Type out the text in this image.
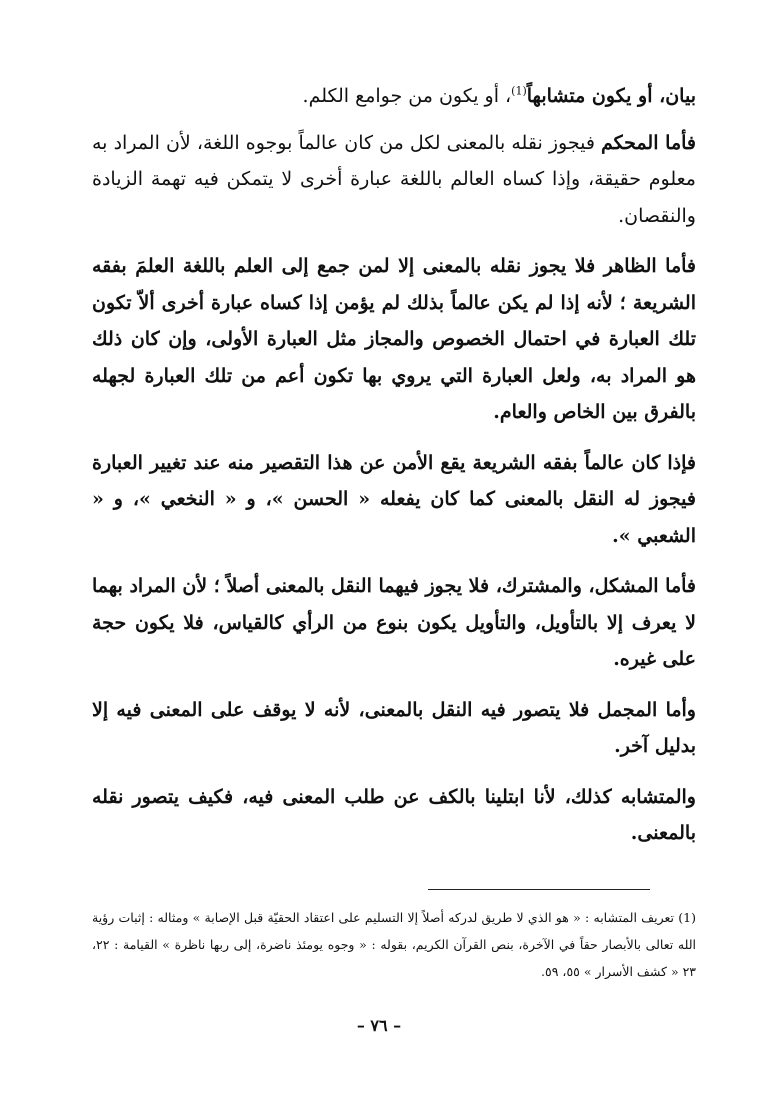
بيان، أو يكون متشابهاً$^{(1)}$، أو يكون من جوامع الكلم.

فأما المحكم فيجوز نقله بالمعنى لكل من كان عالماً بوجوه اللغة، لأن المراد به معلوم حقيقة، وإذا كساه العالم باللغة عبارة أخرى لا يتمكن فيه تهمة الزيادة والنقصان.

فأما الظاهر فلا يجوز نقله بالمعنى إلا لمن جمع إلى العلم باللغة العلمَ بفقه الشريعة ؛ لأنه إذا لم يكن عالماً بذلك لم يؤمن إذا كساه عبارة أخرى ألاّ تكون تلك العبارة في احتمال الخصوص والمجاز مثل العبارة الأولى، وإن كان ذلك هو المراد به، ولعل العبارة التي يروي بها تكون أعم من تلك العبارة لجهله بالفرق بين الخاص والعام.

فإذا كان عالماً بفقه الشريعة يقع الأمن عن هذا التقصير منه عند تغيير العبارة فيجوز له النقل بالمعنى كما كان يفعله « الحسن »، و « النخعي »، و « الشعبي ».

فأما المشكل، والمشترك، فلا يجوز فيهما النقل بالمعنى أصلاً ؛ لأن المراد بهما لا يعرف إلا بالتأويل، والتأويل يكون بنوع من الرأي كالقياس، فلا يكون حجة على غيره.

وأما المجمل فلا يتصور فيه النقل بالمعنى، لأنه لا يوقف على المعنى فيه إلا بدليل آخر.

والمتشابه كذلك، لأنا ابتلينا بالكف عن طلب المعنى فيه، فكيف يتصور نقله بالمعنى.

(1) تعريف المتشابه : « هو الذي لا طريق لدركه أصلاً إلا التسليم على اعتقاد الحقيّة قبل الإصابة » ومثاله : إثبات رؤية الله تعالى بالأبصار حقاً في الآخرة، بنص القرآن الكريم، بقوله : « وجوه يومئذ ناضرة، إلى ربها ناظرة » القيامة : ٢٢، ٢٣ « كشف الأسرار » ٥٥، ٥٩.
– ٧٦ –
